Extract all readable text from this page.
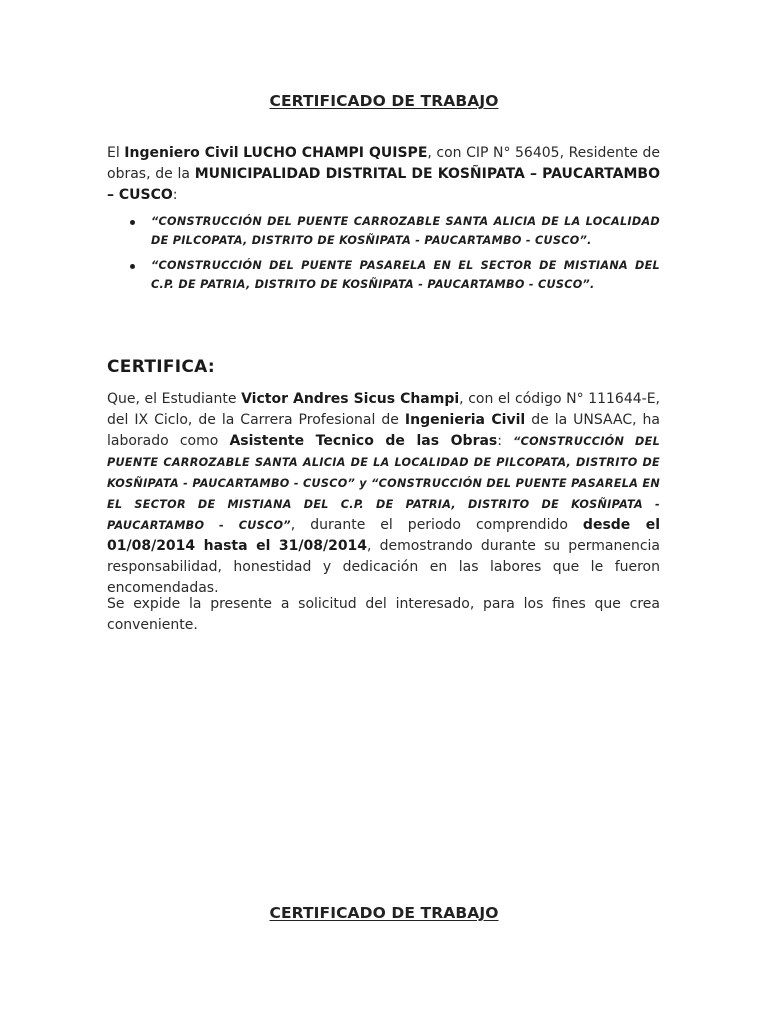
CERTIFICADO DE TRABAJO
El Ingeniero Civil LUCHO CHAMPI QUISPE, con CIP N° 56405, Residente de obras, de la MUNICIPALIDAD DISTRITAL DE KOSÑIPATA – PAUCARTAMBO – CUSCO:
“CONSTRUCCIÓN DEL PUENTE CARROZABLE SANTA ALICIA DE LA LOCALIDAD DE PILCOPATA, DISTRITO DE KOSÑIPATA - PAUCARTAMBO - CUSCO”.
“CONSTRUCCIÓN DEL PUENTE PASARELA EN EL SECTOR DE MISTIANA DEL C.P. DE PATRIA, DISTRITO DE KOSÑIPATA - PAUCARTAMBO - CUSCO”.
CERTIFICA:
Que, el Estudiante Victor Andres Sicus Champi, con el código N° 111644-E, del IX Ciclo, de la Carrera Profesional de Ingenieria Civil de la UNSAAC, ha laborado como Asistente Tecnico de las Obras: “CONSTRUCCIÓN DEL PUENTE CARROZABLE SANTA ALICIA DE LA LOCALIDAD DE PILCOPATA, DISTRITO DE KOSÑIPATA - PAUCARTAMBO - CUSCO” y “CONSTRUCCIÓN DEL PUENTE PASARELA EN EL SECTOR DE MISTIANA DEL C.P. DE PATRIA, DISTRITO DE KOSÑIPATA - PAUCARTAMBO - CUSCO”, durante el periodo comprendido desde el 01/08/2014 hasta el 31/08/2014, demostrando durante su permanencia responsabilidad, honestidad y dedicación en las labores que le fueron encomendadas.
Se expide la presente a solicitud del interesado, para los fines que crea conveniente.
CERTIFICADO DE TRABAJO
